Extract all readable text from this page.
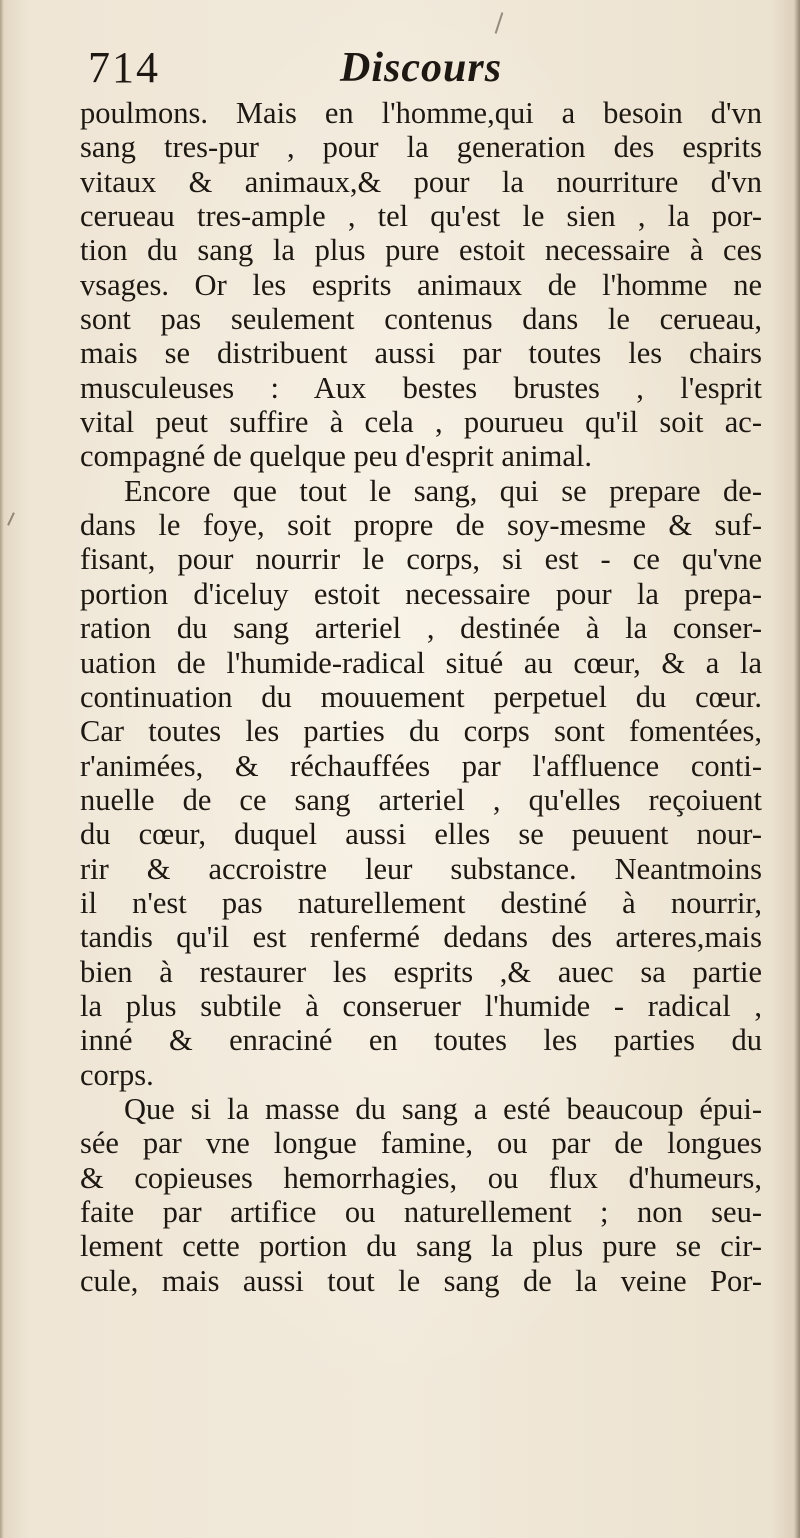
714	Discours
poulmons. Mais en l'homme,qui a besoin d'vn
sang tres-pur , pour la generation des esprits
vitaux & animaux,& pour la nourriture d'vn
cerueau tres-ample , tel qu'est le sien , la por-
tion du sang la plus pure estoit necessaire à ces
vsages. Or les esprits animaux de l'homme ne
sont pas seulement contenus dans le cerueau,
mais se distribuent aussi par toutes les chairs
musculeuses : Aux bestes brustes , l'esprit
vital peut suffire à cela , pourueu qu'il soit ac-
compagné de quelque peu d'esprit animal.
Encore que tout le sang, qui se prepare de-
dans le foye, soit propre de soy-mesme & suf-
fisant, pour nourrir le corps, si est - ce qu'vne
portion d'iceluy estoit necessaire pour la prepa-
ration du sang arteriel , destinée à la conser-
uation de l'humide-radical situé au cœur, & a la
continuation du mouuement perpetuel du cœur.
Car toutes les parties du corps sont fomentées,
r'animées, & réchauffées par l'affluence conti-
nuelle de ce sang arteriel , qu'elles reçoiuent
du cœur, duquel aussi elles se peuuent nour-
rir & accroistre leur substance. Neantmoins
il n'est pas naturellement destiné à nourrir,
tandis qu'il est renfermé dedans des arteres,mais
bien à restaurer les esprits ,& auec sa partie
la plus subtile à conseruer l'humide - radical ,
inné & enraciné en toutes les parties du
corps.
Que si la masse du sang a esté beaucoup épui-
sée par vne longue famine, ou par de longues
& copieuses hemorrhagies, ou flux d'humeurs,
faite par artifice ou naturellement ; non seu-
lement cette portion du sang la plus pure se cir-
cule, mais aussi tout le sang de la veine Por-
